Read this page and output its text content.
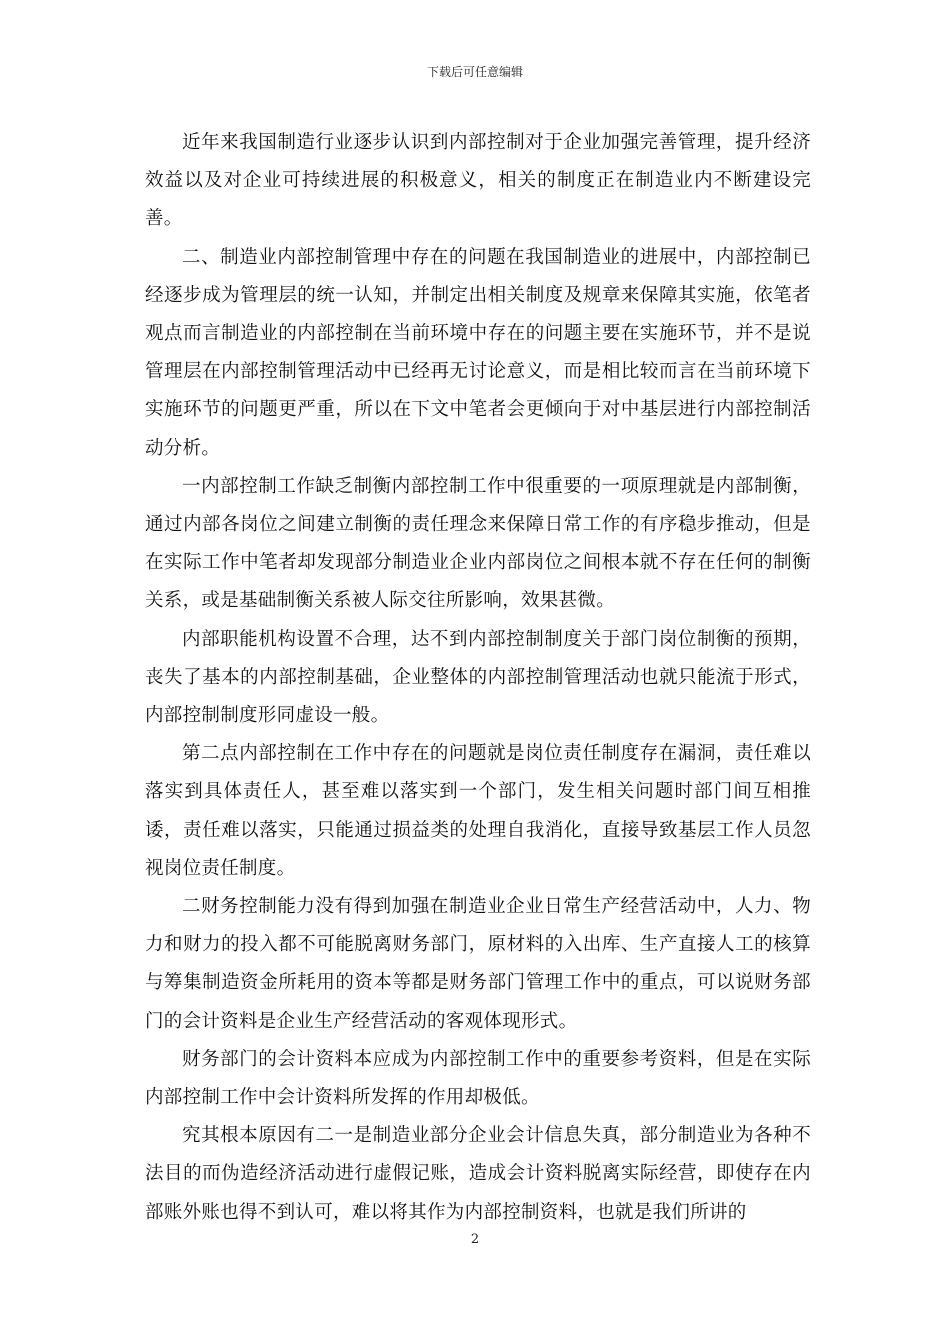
下载后可任意编辑

近年来我国制造行业逐步认识到内部控制对于企业加强完善管理，提升经济效益以及对企业可持续进展的积极意义，相关的制度正在制造业内不断建设完善。

二、制造业内部控制管理中存在的问题在我国制造业的进展中，内部控制已经逐步成为管理层的统一认知，并制定出相关制度及规章来保障其实施，依笔者观点而言制造业的内部控制在当前环境中存在的问题主要在实施环节，并不是说管理层在内部控制管理活动中已经再无讨论意义，而是相比较而言在当前环境下实施环节的问题更严重，所以在下文中笔者会更倾向于对中基层进行内部控制活动分析。

一内部控制工作缺乏制衡内部控制工作中很重要的一项原理就是内部制衡，通过内部各岗位之间建立制衡的责任理念来保障日常工作的有序稳步推动，但是在实际工作中笔者却发现部分制造业企业内部岗位之间根本就不存在任何的制衡关系，或是基础制衡关系被人际交往所影响，效果甚微。

内部职能机构设置不合理，达不到内部控制制度关于部门岗位制衡的预期，丧失了基本的内部控制基础，企业整体的内部控制管理活动也就只能流于形式，内部控制制度形同虚设一般。

第二点内部控制在工作中存在的问题就是岗位责任制度存在漏洞，责任难以落实到具体责任人，甚至难以落实到一个部门，发生相关问题时部门间互相推诿，责任难以落实，只能通过损益类的处理自我消化，直接导致基层工作人员忽视岗位责任制度。

二财务控制能力没有得到加强在制造业企业日常生产经营活动中，人力、物力和财力的投入都不可能脱离财务部门，原材料的入出库、生产直接人工的核算与筹集制造资金所耗用的资本等都是财务部门管理工作中的重点，可以说财务部门的会计资料是企业生产经营活动的客观体现形式。

财务部门的会计资料本应成为内部控制工作中的重要参考资料，但是在实际内部控制工作中会计资料所发挥的作用却极低。

究其根本原因有二一是制造业部分企业会计信息失真，部分制造业为各种不法目的而伪造经济活动进行虚假记账，造成会计资料脱离实际经营，即使存在内部账外账也得不到认可，难以将其作为内部控制资料，也就是我们所讲的

2
